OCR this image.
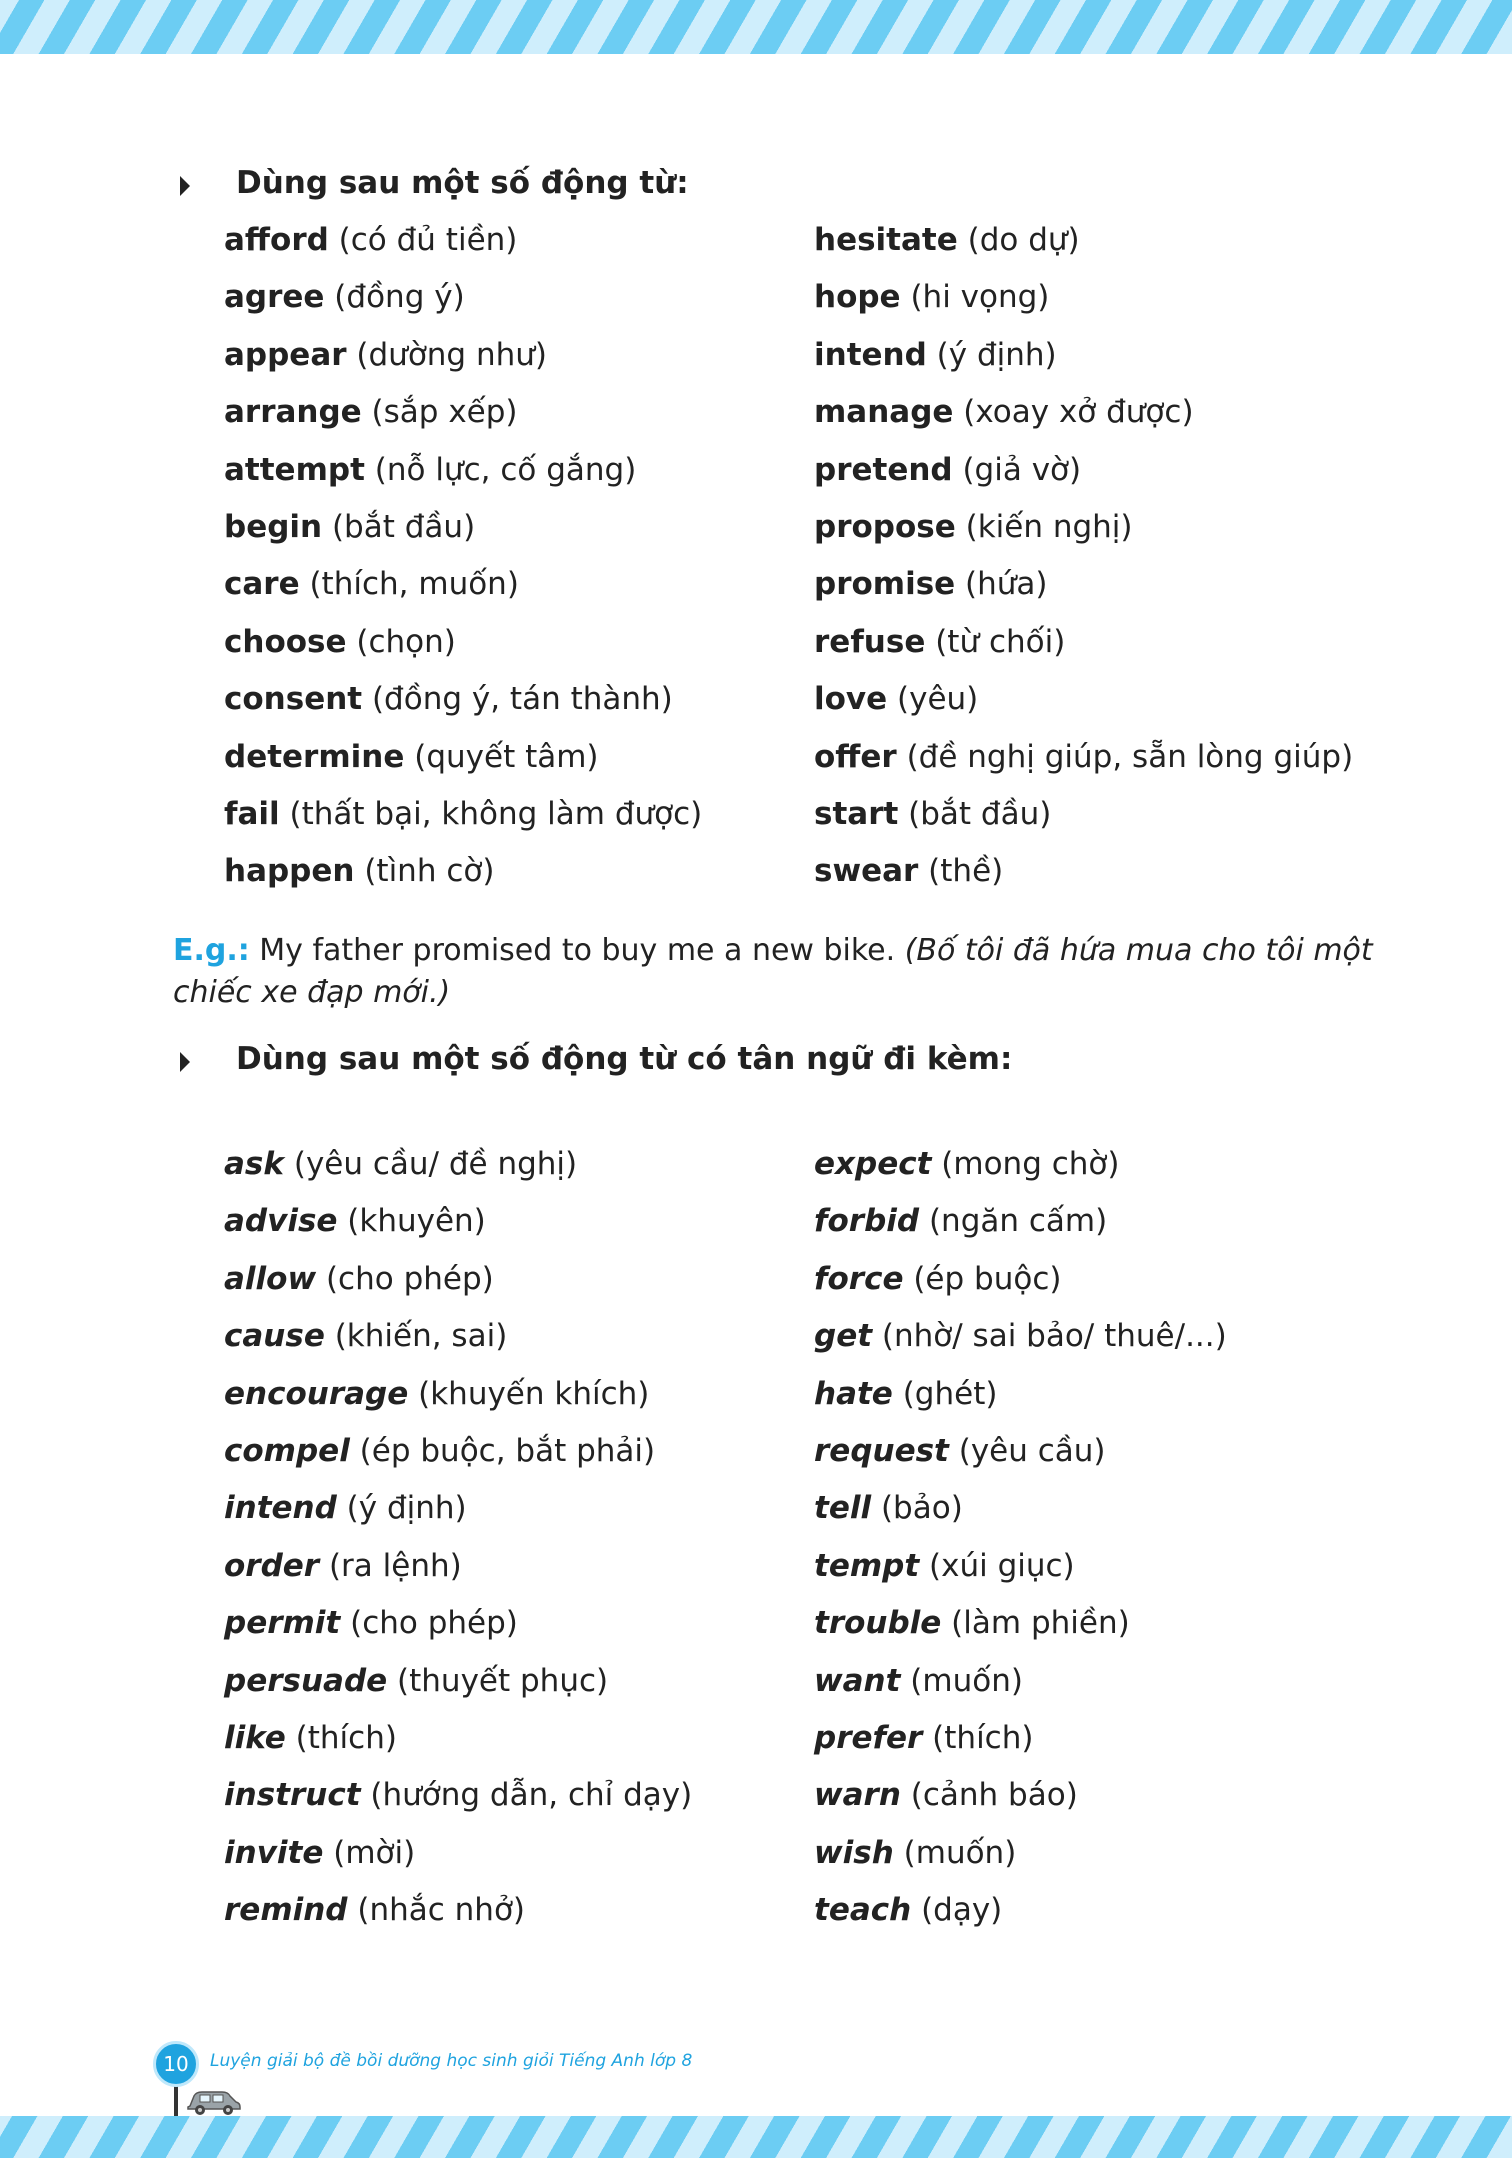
Dùng sau một số động từ:
afford (có đủ tiền)	hesitate (do dự)
agree (đồng ý)	hope (hi vọng)
appear (dường như)	intend (ý định)
arrange (sắp xếp)	manage (xoay xở được)
attempt (nỗ lực, cố gắng)	pretend (giả vờ)
begin (bắt đầu)	propose (kiến nghị)
care (thích, muốn)	promise (hứa)
choose (chọn)	refuse (từ chối)
consent (đồng ý, tán thành)	love (yêu)
determine (quyết tâm)	offer (đề nghị giúp, sẵn lòng giúp)
fail (thất bại, không làm được)	start (bắt đầu)
happen (tình cờ)	swear (thề)
E.g.: My father promised to buy me a new bike. (Bố tôi đã hứa mua cho tôi một chiếc xe đạp mới.)
Dùng sau một số động từ có tân ngữ đi kèm:
ask (yêu cầu/ đề nghị)	expect (mong chờ)
advise (khuyên)	forbid (ngăn cấm)
allow (cho phép)	force (ép buộc)
cause (khiến, sai)	get (nhờ/ sai bảo/ thuê/...)
encourage (khuyến khích)	hate (ghét)
compel (ép buộc, bắt phải)	request (yêu cầu)
intend (ý định)	tell (bảo)
order (ra lệnh)	tempt (xúi giục)
permit (cho phép)	trouble (làm phiền)
persuade (thuyết phục)	want (muốn)
like (thích)	prefer (thích)
instruct (hướng dẫn, chỉ dạy)	warn (cảnh báo)
invite (mời)	wish (muốn)
remind (nhắc nhở)	teach (dạy)
10	Luyện giải bộ đề bồi dưỡng học sinh giỏi Tiếng Anh lớp 8
